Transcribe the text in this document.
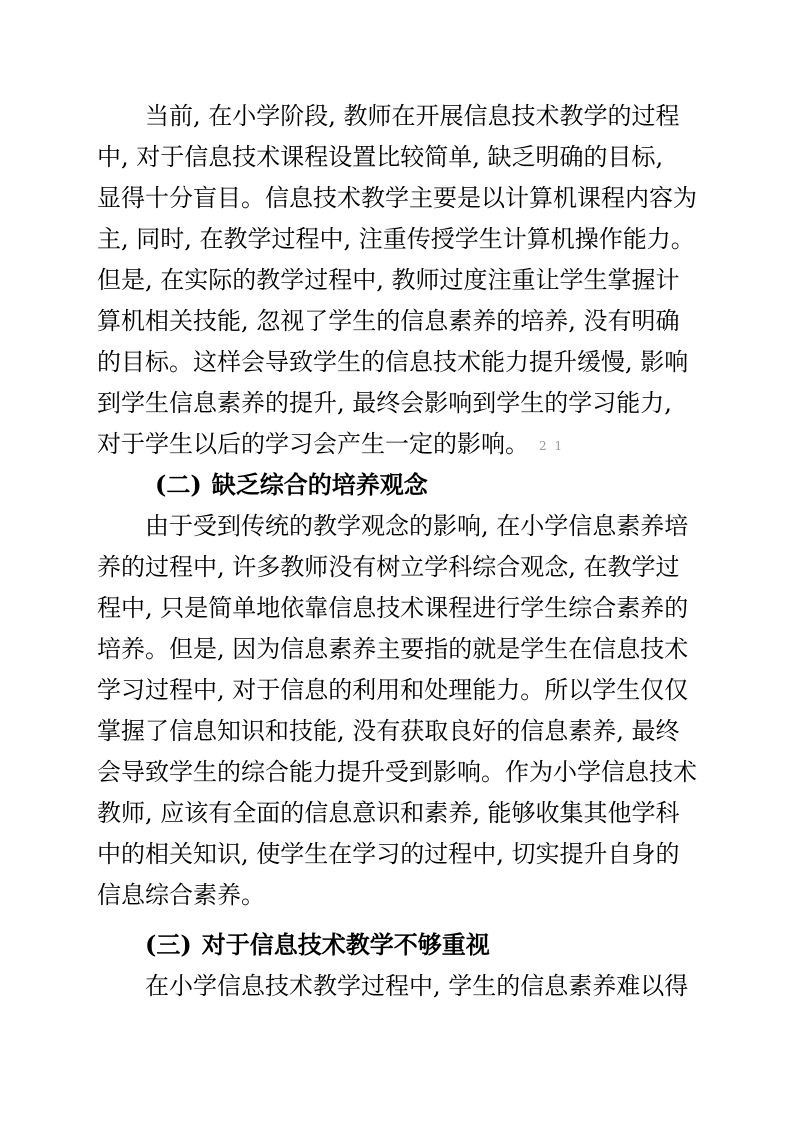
当前, 在小学阶段, 教师在开展信息技术教学的过程

中, 对于信息技术课程设置比较简单, 缺乏明确的目标,

显得十分盲目。信息技术教学主要是以计算机课程内容为

主, 同时, 在教学过程中, 注重传授学生计算机操作能力。

但是, 在实际的教学过程中, 教师过度注重让学生掌握计

算机相关技能, 忽视了学生的信息素养的培养, 没有明确

的目标。这样会导致学生的信息技术能力提升缓慢, 影响

到学生信息素养的提升, 最终会影响到学生的学习能力,

对于学生以后的学习会产生一定的影响。 2 1

(二) 缺乏综合的培养观念

由于受到传统的教学观念的影响, 在小学信息素养培

养的过程中, 许多教师没有树立学科综合观念, 在教学过

程中, 只是简单地依靠信息技术课程进行学生综合素养的

培养。但是, 因为信息素养主要指的就是学生在信息技术

学习过程中, 对于信息的利用和处理能力。所以学生仅仅

掌握了信息知识和技能, 没有获取良好的信息素养, 最终

会导致学生的综合能力提升受到影响。作为小学信息技术

教师, 应该有全面的信息意识和素养, 能够收集其他学科

中的相关知识, 使学生在学习的过程中, 切实提升自身的

信息综合素养。

(三) 对于信息技术教学不够重视

在小学信息技术教学过程中, 学生的信息素养难以得
